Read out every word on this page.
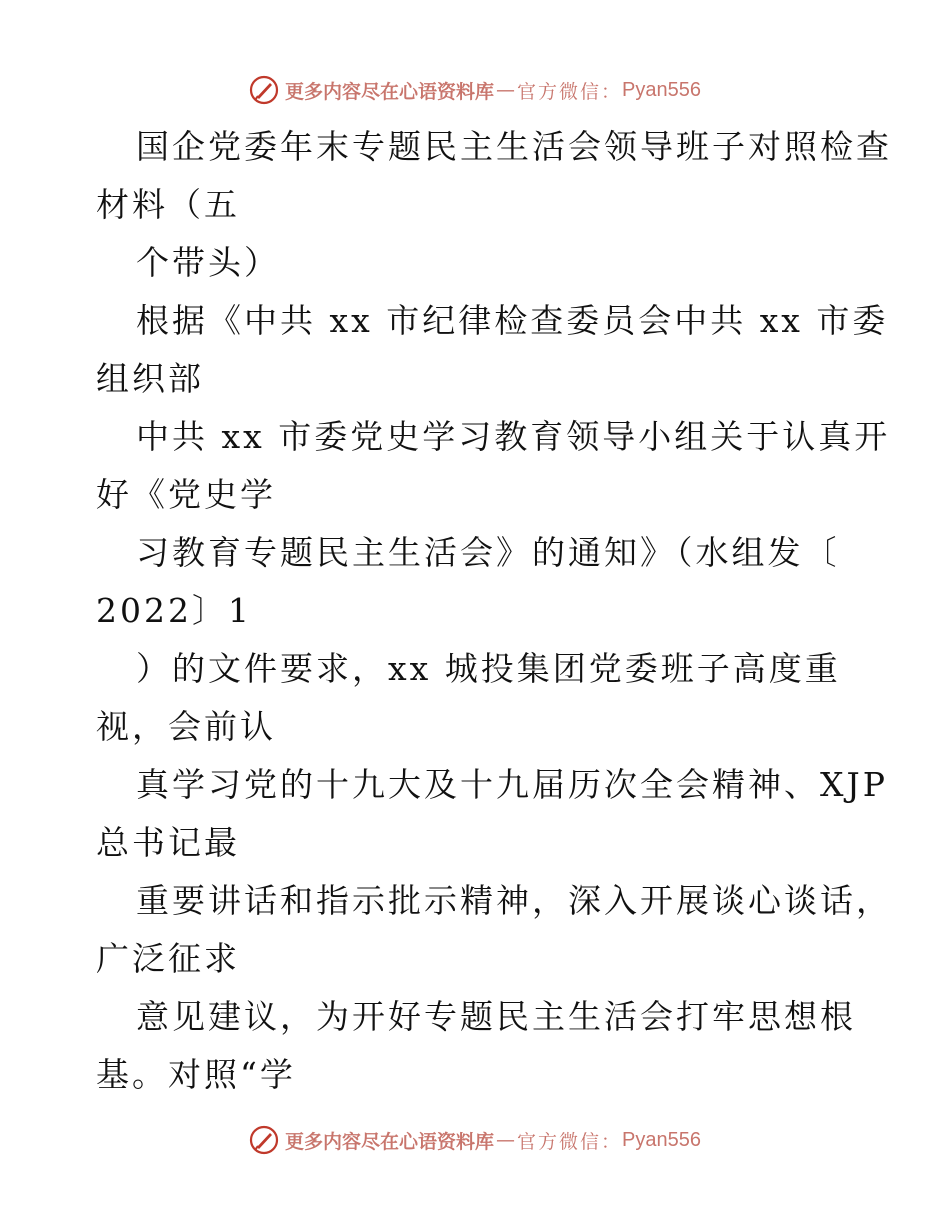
更多内容尽在心语资料库 — 官方微信： Pyan556
国企党委年末专题民主生活会领导班子对照检查
材料（五
个带头）
根据《中共 xx 市纪律检查委员会中共 xx 市委
组织部
中共 xx 市委党史学习教育领导小组关于认真开
好《党史学
习教育专题民主生活会》的通知》（水组发〔
2022〕1
）的文件要求，xx 城投集团党委班子高度重
视，会前认
真学习党的十九大及十九届历次全会精神、XJP
总书记最
重要讲话和指示批示精神，深入开展谈心谈话，
广泛征求
意见建议，为开好专题民主生活会打牢思想根
基。对照“学
更多内容尽在心语资料库 — 官方微信： Pyan556
